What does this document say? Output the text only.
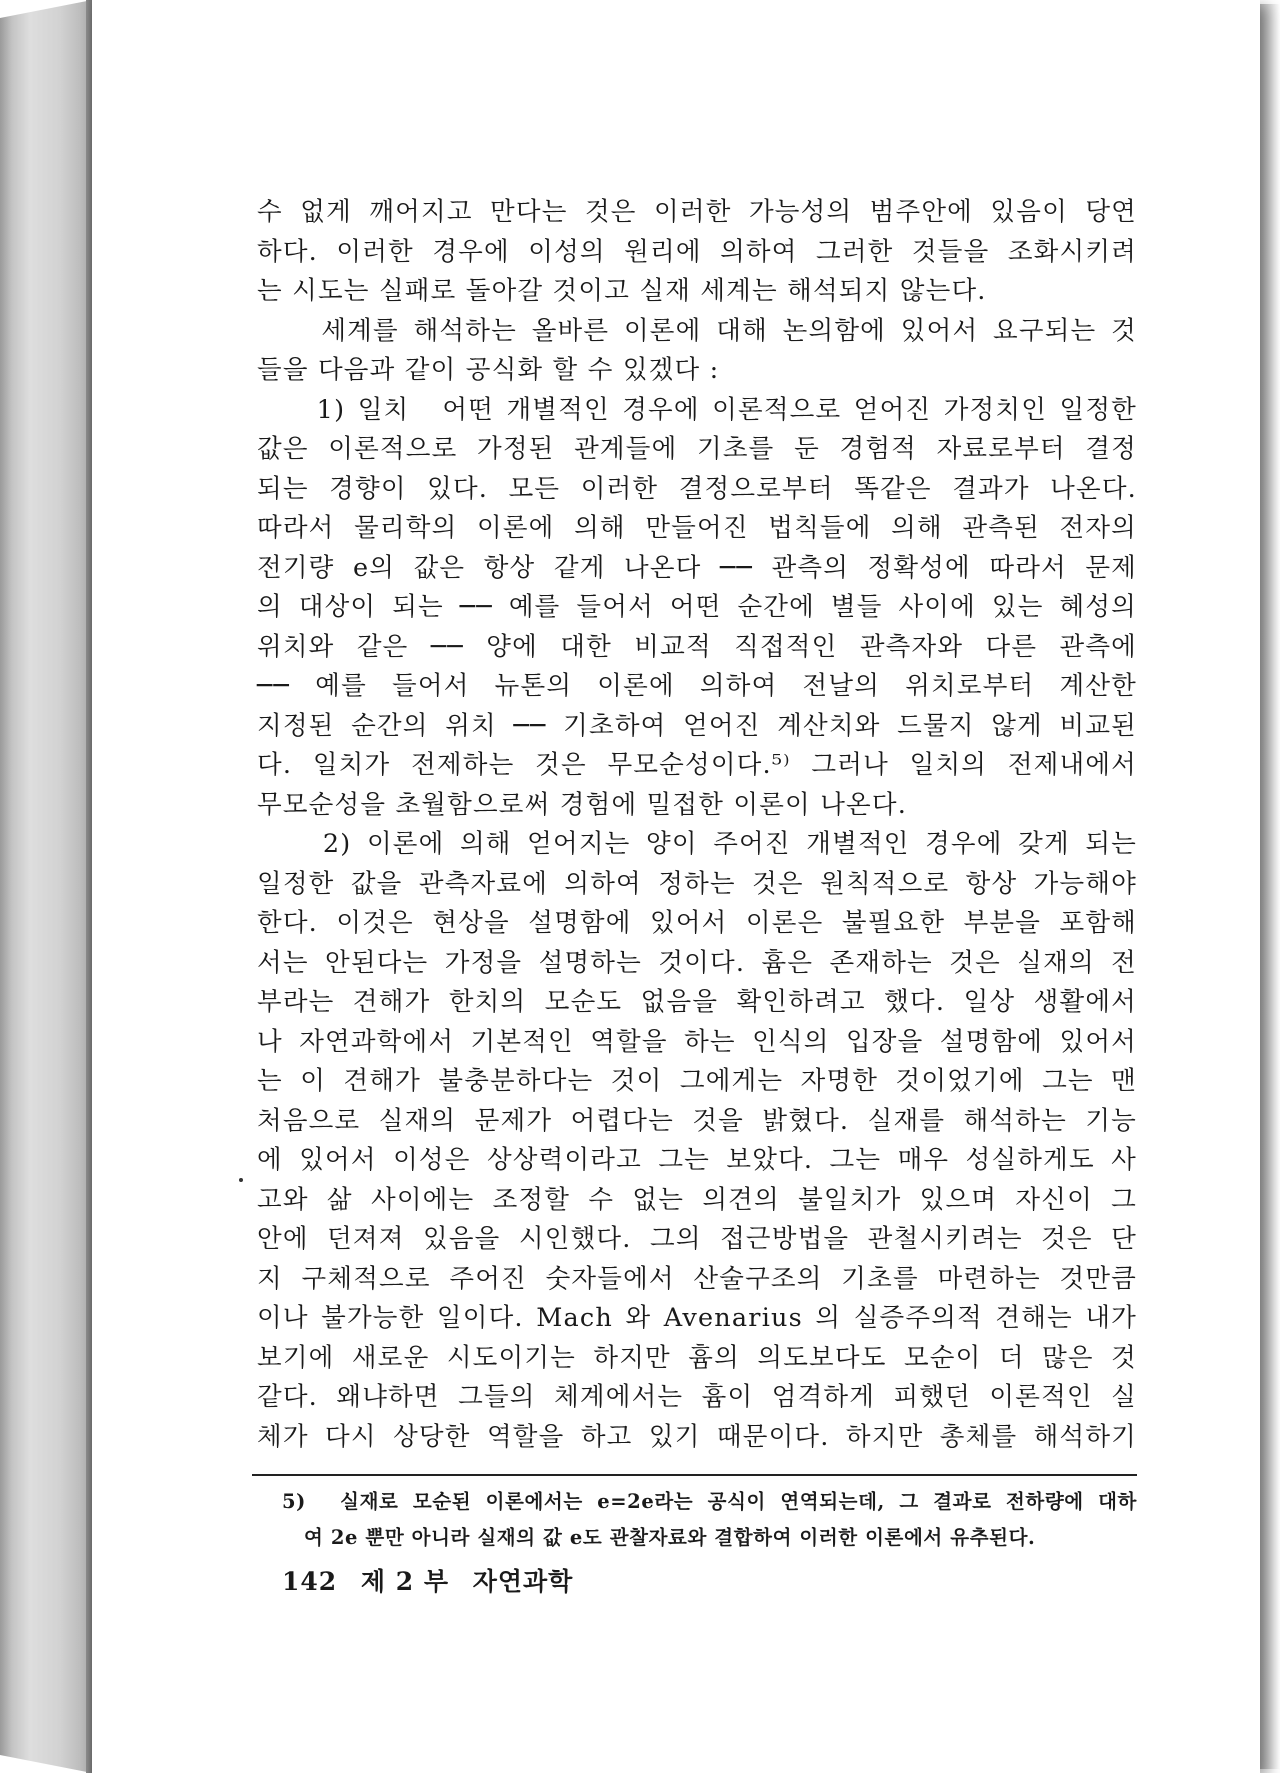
수 없게 깨어지고 만다는 것은 이러한 가능성의 범주안에 있음이 당연
하다. 이러한 경우에 이성의 원리에 의하여 그러한 것들을 조화시키려
는 시도는 실패로 돌아갈 것이고 실재 세계는 해석되지 않는다.
　　세계를 해석하는 올바른 이론에 대해 논의함에 있어서 요구되는 것
들을 다음과 같이 공식화 할 수 있겠다 :
　　1) 일치　어떤 개별적인 경우에 이론적으로 얻어진 가정치인 일정한
값은 이론적으로 가정된 관계들에 기초를 둔 경험적 자료로부터 결정
되는 경향이 있다. 모든 이러한 결정으로부터 똑같은 결과가 나온다.
따라서 물리학의 이론에 의해 만들어진 법칙들에 의해 관측된 전자의
전기량 e의 값은 항상 같게 나온다 ── 관측의 정확성에 따라서 문제
의 대상이 되는 ── 예를 들어서 어떤 순간에 별들 사이에 있는 혜성의
위치와 같은 ── 양에 대한 비교적 직접적인 관측자와 다른 관측에
── 예를 들어서 뉴톤의 이론에 의하여 전날의 위치로부터 계산한
지정된 순간의 위치 ── 기초하여 얻어진 계산치와 드물지 않게 비교된
다. 일치가 전제하는 것은 무모순성이다.⁵⁾ 그러나 일치의 전제내에서
무모순성을 초월함으로써 경험에 밀접한 이론이 나온다.
　　2) 이론에 의해 얻어지는 양이 주어진 개별적인 경우에 갖게 되는
일정한 값을 관측자료에 의하여 정하는 것은 원칙적으로 항상 가능해야
한다. 이것은 현상을 설명함에 있어서 이론은 불필요한 부분을 포함해
서는 안된다는 가정을 설명하는 것이다. 흄은 존재하는 것은 실재의 전
부라는 견해가 한치의 모순도 없음을 확인하려고 했다. 일상 생활에서
나 자연과학에서 기본적인 역할을 하는 인식의 입장을 설명함에 있어서
는 이 견해가 불충분하다는 것이 그에게는 자명한 것이었기에 그는 맨
처음으로 실재의 문제가 어렵다는 것을 밝혔다. 실재를 해석하는 기능
에 있어서 이성은 상상력이라고 그는 보았다. 그는 매우 성실하게도 사
고와 삶 사이에는 조정할 수 없는 의견의 불일치가 있으며 자신이 그
안에 던져져 있음을 시인했다. 그의 접근방법을 관철시키려는 것은 단
지 구체적으로 주어진 숫자들에서 산술구조의 기초를 마련하는 것만큼
이나 불가능한 일이다. Mach 와 Avenarius 의 실증주의적 견해는 내가
보기에 새로운 시도이기는 하지만 흄의 의도보다도 모순이 더 많은 것
같다. 왜냐하면 그들의 체계에서는 흄이 엄격하게 피했던 이론적인 실
체가 다시 상당한 역할을 하고 있기 때문이다. 하지만 총체를 해석하기
5)　실재로 모순된 이론에서는 e=2e라는 공식이 연역되는데, 그 결과로 전하량에 대하
여 2e 뿐만 아니라 실재의 값 e도 관찰자료와 결합하여 이러한 이론에서 유추된다.
142 제 2 부 자연과학
